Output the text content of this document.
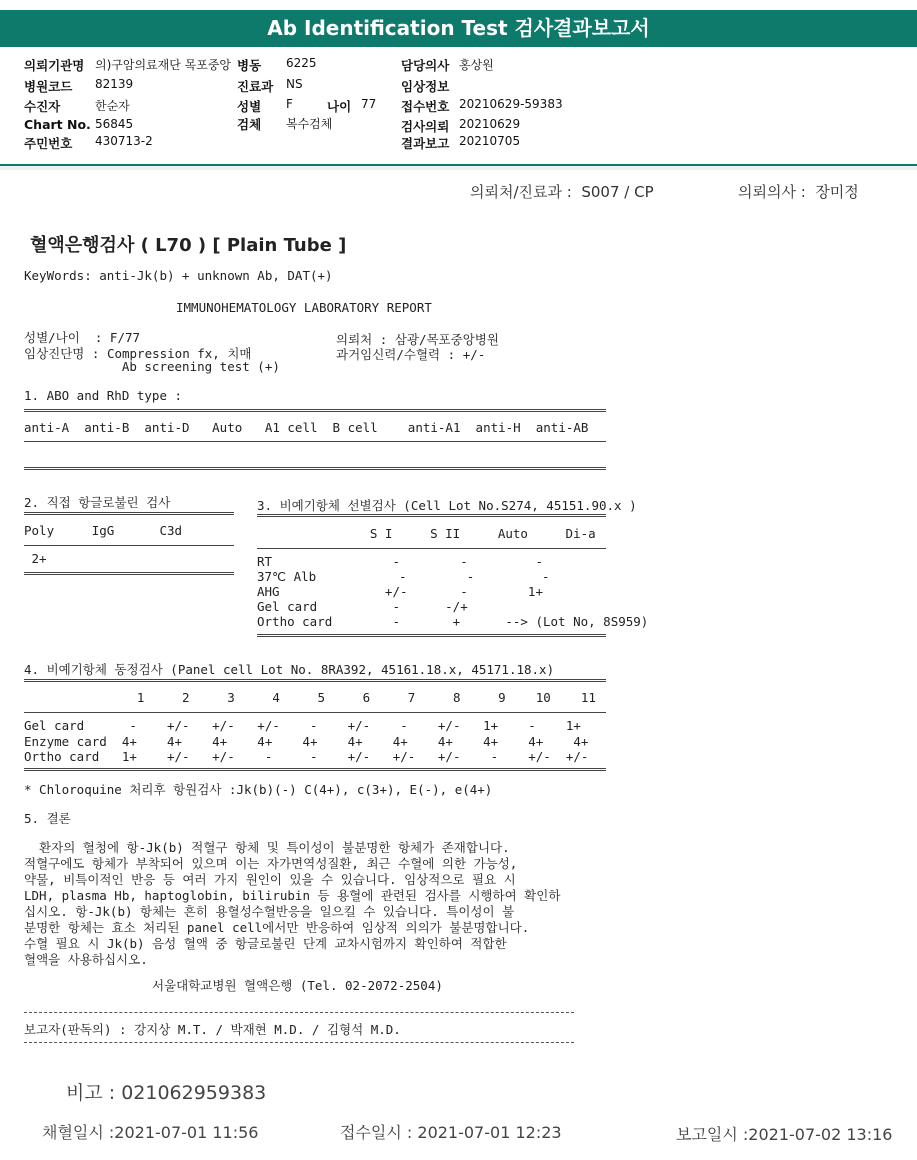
Ab Identification Test 검사결과보고서
의뢰기관명 의)구암의료재단 목포중앙 병동 6225	담당의사 홍상원
병원코드 82139	진료과 NS	임상정보
수진자	한순자	성별 F	나이 77 접수번호 20210629-59383
Chart No. 56845	검체 복수검체	검사의뢰 20210629
주민번호 430713-2	결과보고 20210705
의뢰처/진료과 :  S007 / CP	의뢰의사 :  장미정
혈액은행검사 ( L70 ) [ Plain Tube ]
KeyWords: anti-Jk(b) + unknown Ab, DAT(+)
IMMUNOHEMATOLOGY LABORATORY REPORT
성별/나이  : F/77
임상진단명 : Compression fx, 치매
Ab screening test (+)
의뢰처 : 삼광/목포중앙병원
과거임신력/수혈력 : +/-
1. ABO and RhD type :
anti-A  anti-B  anti-D   Auto   A1 cell  B cell    anti-A1  anti-H  anti-AB
2. 직접 항글로불린 검사
Poly     IgG      C3d
2+
3. 비예기항체 선별검사 (Cell Lot No.S274, 45151.90.x )
S I     S II     Auto     Di-a
RT                -        -         -
37℃ Alb           -        -         -
AHG              +/-       -        1+
Gel card          -      -/+
Ortho card        -       +      --> (Lot No, 8S959)
4. 비예기항체 동정검사 (Panel cell Lot No. 8RA392, 45161.18.x, 45171.18.x)
1     2     3     4     5     6     7     8     9    10    11
Gel card      -    +/-   +/-   +/-    -    +/-    -    +/-   1+    -    1+
Enzyme card  4+    4+    4+    4+    4+    4+    4+    4+    4+    4+    4+
Ortho card   1+    +/-   +/-    -     -    +/-   +/-   +/-    -    +/-  +/-
* Chloroquine 처리후 항원검사 :Jk(b)(-) C(4+), c(3+), E(-), e(4+)
5. 결론
환자의 혈청에 항-Jk(b) 적혈구 항체 및 특이성이 불분명한 항체가 존재합니다.
적혈구에도 항체가 부착되어 있으며 이는 자가면역성질환, 최근 수혈에 의한 가능성,
약물, 비특이적인 반응 등 여러 가지 원인이 있을 수 있습니다. 임상적으로 필요 시
LDH, plasma Hb, haptoglobin, bilirubin 등 용혈에 관련된 검사를 시행하여 확인하
십시오. 항-Jk(b) 항체는 흔히 용혈성수혈반응을 일으킬 수 있습니다. 특이성이 불
분명한 항체는 효소 처리된 panel cell에서만 반응하여 임상적 의의가 불분명합니다.
수혈 필요 시 Jk(b) 음성 혈액 중 항글로불린 단계 교차시험까지 확인하여 적합한
혈액을 사용하십시오.
서울대학교병원 혈액은행 (Tel. 02-2072-2504)
보고자(판독의) : 강지상 M.T. / 박재현 M.D. / 김형석 M.D.
비고 : 021062959383
채혈일시 :2021-07-01 11:56	접수일시 : 2021-07-01 12:23	보고일시 :2021-07-02 13:16
